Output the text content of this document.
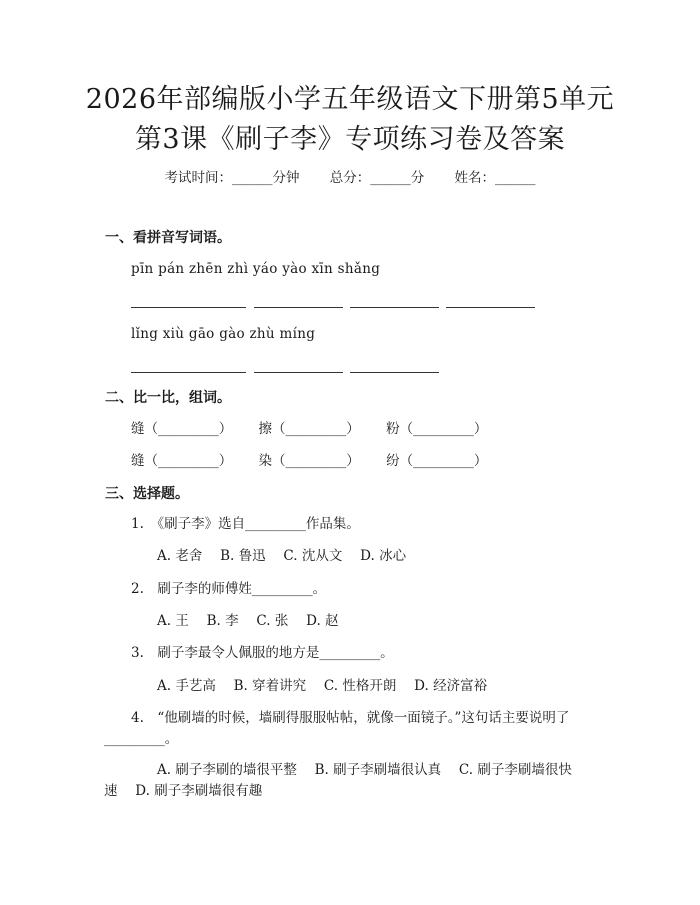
2026年部编版小学五年级语文下册第5单元
第3课《刷子李》专项练习卷及答案
考试时间：______分钟 总分：______分 姓名：______
一、看拼音写词语。
pīn pán zhēn zhì yáo yào xīn shǎng
lǐng xiù gāo gào zhù míng
二、比一比，组词。
缝（_________） 擦（_________） 粉（_________）
缝（_________） 染（_________） 纷（_________）
三、选择题。
1.　《刷子李》选自_________作品集。
A. 老舍　 B. 鲁迅　 C. 沈从文　 D. 冰心
2.　刷子李的师傅姓_________。
A. 王　 B. 李　 C. 张　 D. 赵
3.　刷子李最令人佩服的地方是_________。
A. 手艺高　 B. 穿着讲究　 C. 性格开朗　 D. 经济富裕
4.　“他刷墙的时候，墙刷得服服帖帖，就像一面镜子。”这句话主要说明了
_________。
A. 刷子李刷的墙很平整　 B. 刷子李刷墙很认真　 C. 刷子李刷墙很快
速　 D. 刷子李刷墙很有趣
